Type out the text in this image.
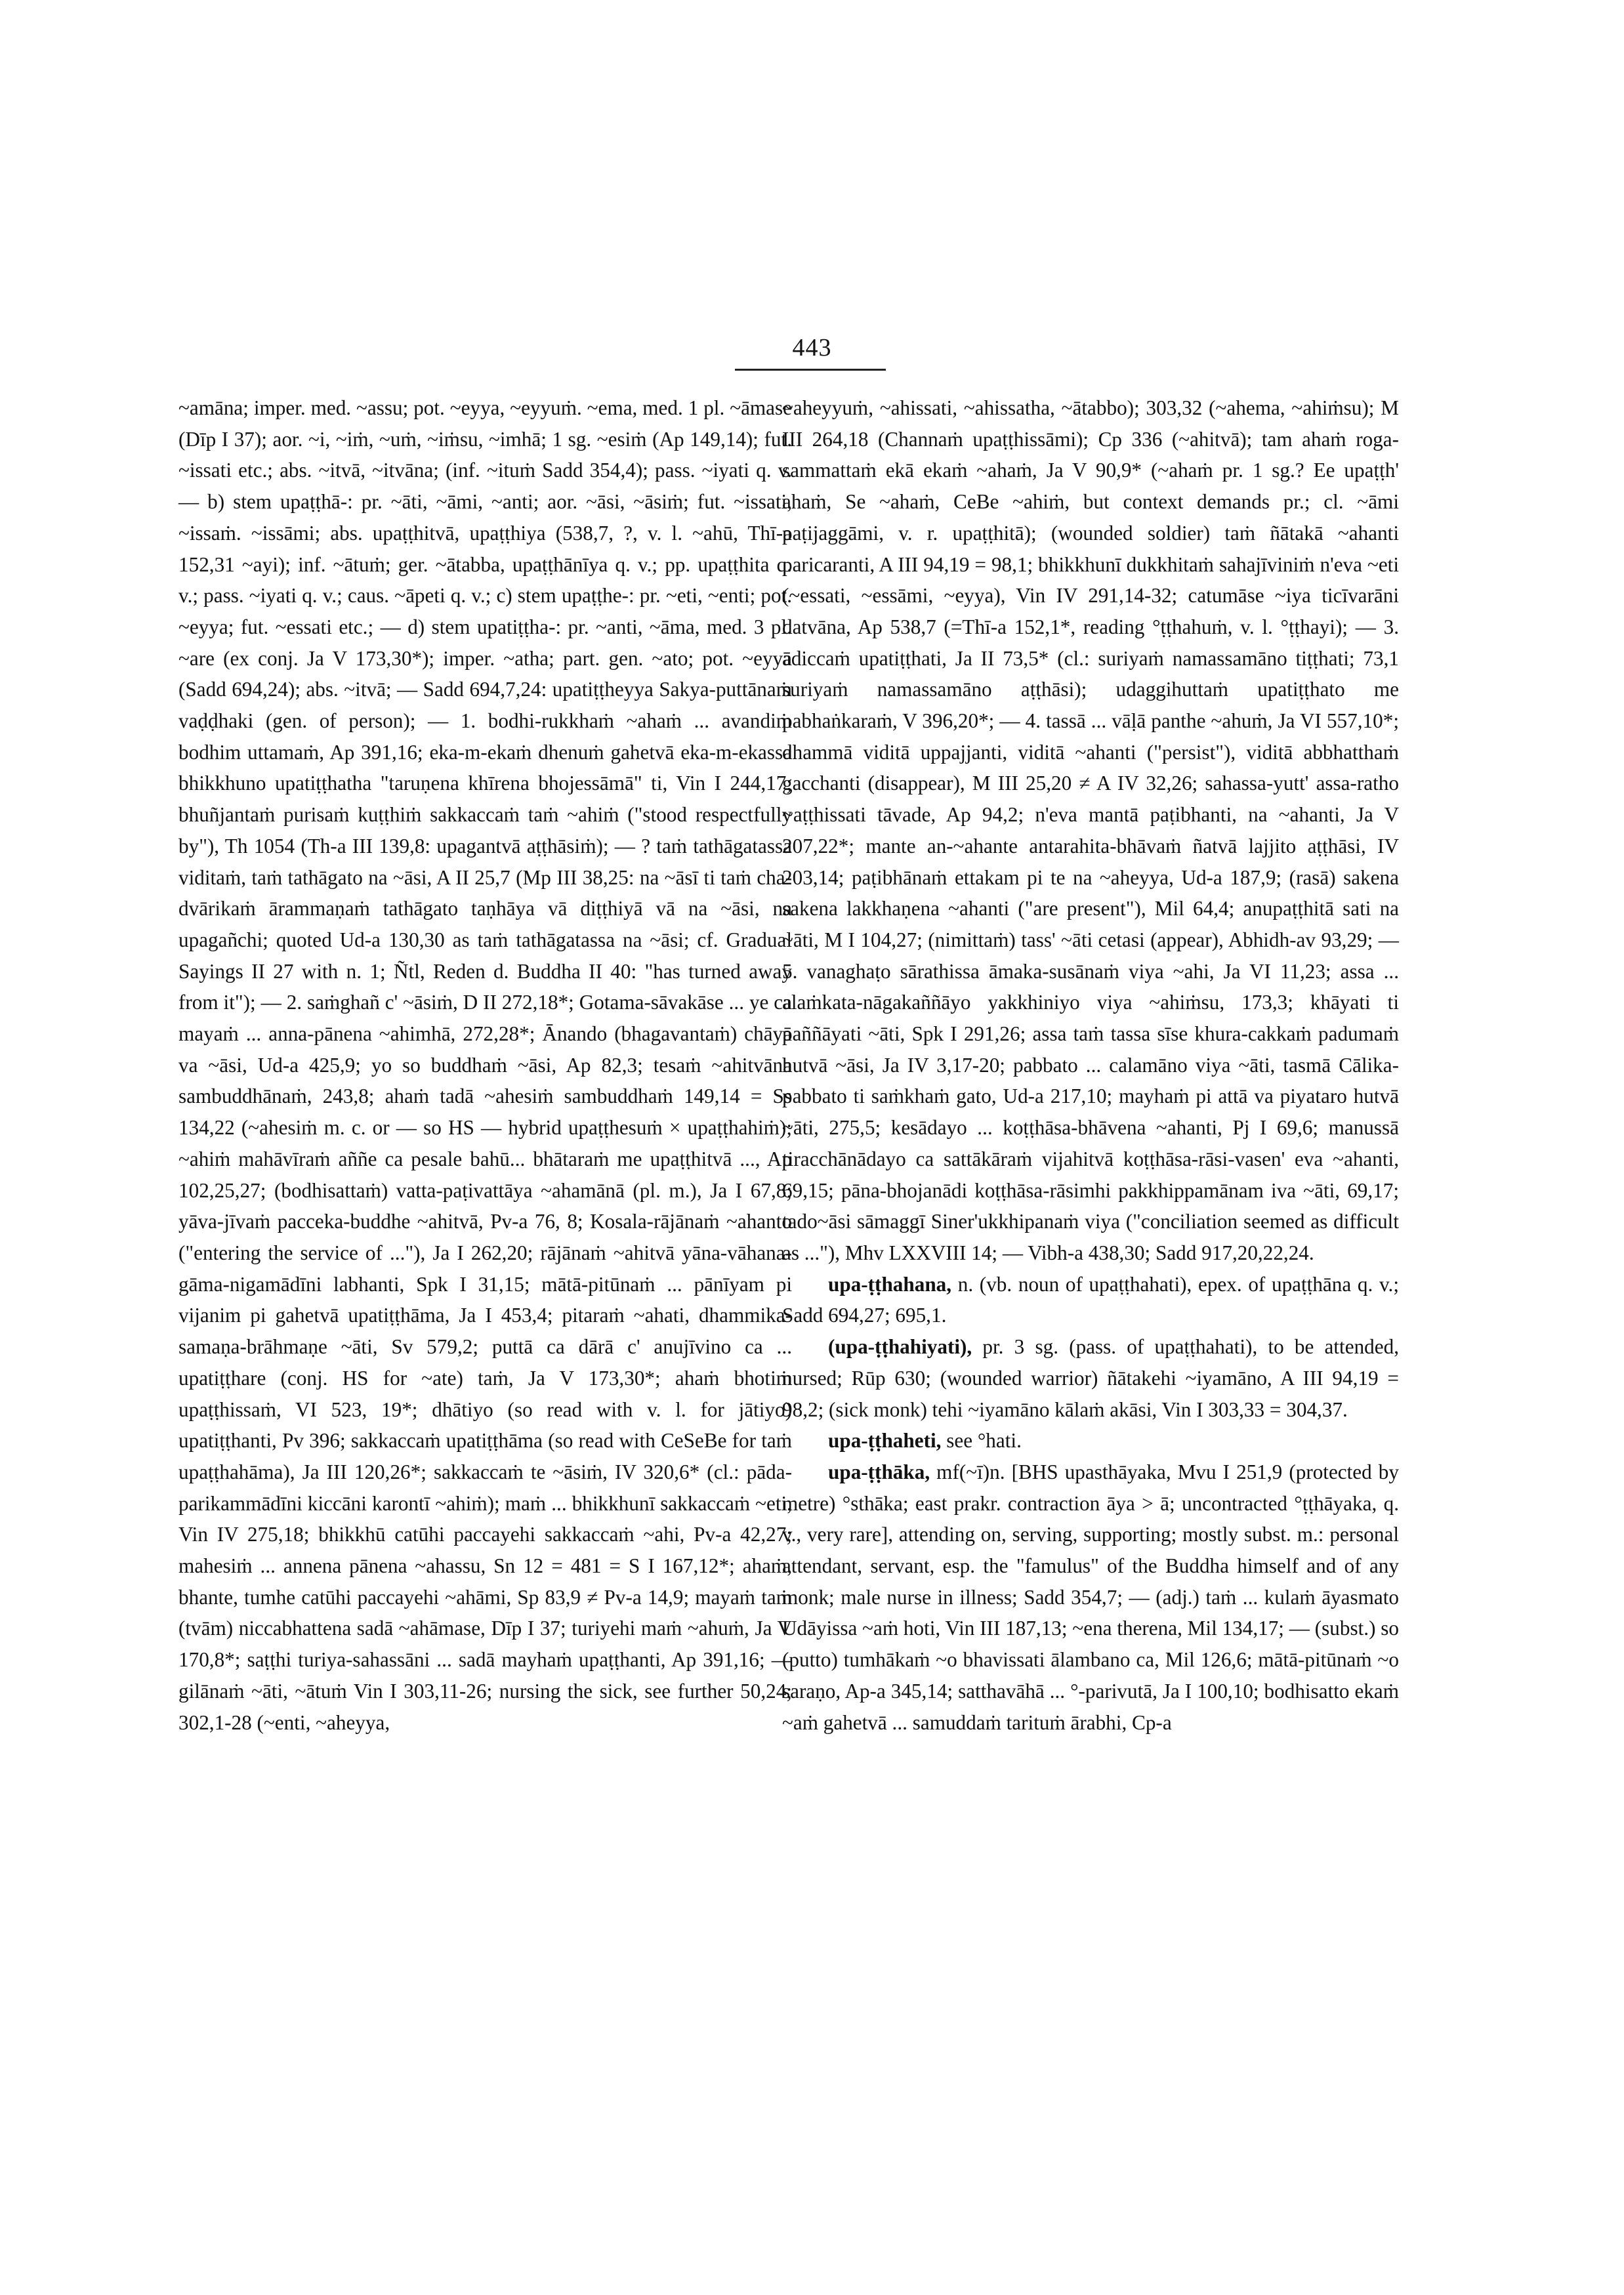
443

~amāna; imper. med. ~assu; pot. ~eyya, ~eyyuṁ. ~ema, med. 1 pl. ~āmase (Dīp I 37); aor. ~i, ~iṁ, ~uṁ, ~iṁsu, ~imhā; 1 sg. ~esiṁ (Ap 149,14); fut. ~issati etc.; abs. ~itvā, ~itvāna; (inf. ~ituṁ Sadd 354,4); pass. ~iyati q. v. — b) stem upaṭṭhā-: pr. ~āti, ~āmi, ~anti; aor. ~āsi, ~āsiṁ; fut. ~issati, ~issaṁ. ~issāmi; abs. upaṭṭhitvā, upaṭṭhiya (538,7, ?, v. l. ~ahū, Thī-a 152,31 ~ayi); inf. ~ātuṁ; ger. ~ātabba, upaṭṭhānīya q. v.; pp. upaṭṭhita q. v.; pass. ~iyati q. v.; caus. ~āpeti q. v.; c) stem upaṭṭhe-: pr. ~eti, ~enti; pot. ~eyya; fut. ~essati etc.; — d) stem upatiṭṭha-: pr. ~anti, ~āma, med. 3 pl. ~are (ex conj. Ja V 173,30*); imper. ~atha; part. gen. ~ato; pot. ~eyya (Sadd 694,24); abs. ~itvā; — Sadd 694,7,24: upatiṭṭheyya Sakya-puttānaṁ vaḍḍhaki (gen. of person); — 1. bodhi-rukkhaṁ ~ahaṁ ... avandiṁ bodhim uttamaṁ, Ap 391,16; eka-m-ekaṁ dhenuṁ gahetvā eka-m-ekassa bhikkhuno upatiṭṭhatha "taruṇena khīrena bhojessāmā" ti, Vin I 244,17; bhuñjantaṁ purisaṁ kuṭṭhiṁ sakkaccaṁ taṁ ~ahiṁ ("stood respectfully by"), Th 1054 (Th-a III 139,8: upagantvā aṭṭhāsiṁ); — ? taṁ tathāgatassa viditaṁ, taṁ tathāgato na ~āsi, A II 25,7 (Mp III 38,25: na ~āsī ti taṁ cha-dvārikaṁ ārammaṇaṁ tathāgato taṇhāya vā diṭṭhiyā vā na ~āsi, na upagañchi; quoted Ud-a 130,30 as taṁ tathāgatassa na ~āsi; cf. Gradual Sayings II 27 with n. 1; Ñtl, Reden d. Buddha II 40: "has turned away from it"); — 2. saṁghañ c' ~āsiṁ, D II 272,18*; Gotama-sāvakāse ... ye ca mayaṁ ... anna-pānena ~ahimhā, 272,28*; Ānando (bhagavantaṁ) chāyā va ~āsi, Ud-a 425,9; yo so buddhaṁ ~āsi, Ap 82,3; tesaṁ ~ahitvāna sambuddhānaṁ, 243,8; ahaṁ tadā ~ahesiṁ sambuddhaṁ 149,14 = Ss 134,22 (~ahesiṁ m. c. or — so HS — hybrid upaṭṭhesuṁ × upaṭṭhahiṁ); ~ahiṁ mahāvīraṁ aññe ca pesale bahū... bhātaraṁ me upaṭṭhitvā ..., Ap 102,25,27; (bodhisattaṁ) vatta-paṭivattāya ~ahamānā (pl. m.), Ja I 67,8; yāva-jīvaṁ pacceka-buddhe ~ahitvā, Pv-a 76, 8; Kosala-rājānaṁ ~ahanto ("entering the service of ..."), Ja I 262,20; rājānaṁ ~ahitvā yāna-vāhana-gāma-nigamādīni labhanti, Spk I 31,15; mātā-pitūnaṁ ... pānīyam pi vijanim pi gahetvā upatiṭṭhāma, Ja I 453,4; pitaraṁ ~ahati, dhammika-samaṇa-brāhmaṇe ~āti, Sv 579,2; puttā ca dārā c' anujīvino ca ... upatiṭṭhare (conj. HS for ~ate) taṁ, Ja V 173,30*; ahaṁ bhotiṁ upaṭṭhissaṁ, VI 523, 19*; dhātiyo (so read with v. l. for jātiyo) upatiṭṭhanti, Pv 396; sakkaccaṁ upatiṭṭhāma (so read with CeSeBe for taṁ upaṭṭhahāma), Ja III 120,26*; sakkaccaṁ te ~āsiṁ, IV 320,6* (cl.: pāda-parikammādīni kiccāni karontī ~ahiṁ); maṁ ... bhikkhunī sakkaccaṁ ~eti, Vin IV 275,18; bhikkhū catūhi paccayehi sakkaccaṁ ~ahi, Pv-a 42,27; mahesiṁ ... annena pānena ~ahassu, Sn 12 = 481 = S I 167,12*; ahaṁ, bhante, tumhe catūhi paccayehi ~ahāmi, Sp 83,9 ≠ Pv-a 14,9; mayaṁ taṁ (tvām) niccabhattena sadā ~ahāmase, Dīp I 37; turiyehi maṁ ~ahuṁ, Ja V 170,8*; saṭṭhi turiya-sahassāni ... sadā mayhaṁ upaṭṭhanti, Ap 391,16; — gilānaṁ ~āti, ~ātuṁ Vin I 303,11-26; nursing the sick, see further 50,24; 302,1-28 (~enti, ~aheyya,

~aheyyuṁ, ~ahissati, ~ahissatha, ~ātabbo); 303,32 (~ahema, ~ahiṁsu); M III 264,18 (Channaṁ upaṭṭhissāmi); Cp 336 (~ahitvā); tam ahaṁ roga-sammattaṁ ekā ekaṁ ~ahaṁ, Ja V 90,9* (~ahaṁ pr. 1 sg.? Ee upaṭṭh' ahaṁ, Se ~ahaṁ, CeBe ~ahiṁ, but context demands pr.; cl. ~āmi paṭijaggāmi, v. r. upaṭṭhitā); (wounded soldier) taṁ ñātakā ~ahanti paricaranti, A III 94,19 = 98,1; bhikkhunī dukkhitaṁ sahajīviniṁ n'eva ~eti (~essati, ~essāmi, ~eyya), Vin IV 291,14-32; catumāse ~iya ticīvarāni datvāna, Ap 538,7 (=Thī-a 152,1*, reading °ṭṭhahuṁ, v. l. °ṭṭhayi); — 3. ādiccaṁ upatiṭṭhati, Ja II 73,5* (cl.: suriyaṁ namassamāno tiṭṭhati; 73,1 suriyaṁ namassamāno aṭṭhāsi); udaggihuttaṁ upatiṭṭhato me pabhaṅkaraṁ, V 396,20*; — 4. tassā ... vāḷā panthe ~ahuṁ, Ja VI 557,10*; dhammā viditā uppajjanti, viditā ~ahanti ("persist"), viditā abbhatthaṁ gacchanti (disappear), M III 25,20 ≠ A IV 32,26; sahassa-yutt' assa-ratho ~aṭṭhissati tāvade, Ap 94,2; n'eva mantā paṭibhanti, na ~ahanti, Ja V 207,22*; mante an-~ahante antarahita-bhāvaṁ ñatvā lajjito aṭṭhāsi, IV 203,14; paṭibhānaṁ ettakam pi te na ~aheyya, Ud-a 187,9; (rasā) sakena sakena lakkhaṇena ~ahanti ("are present"), Mil 64,4; anupaṭṭhitā sati na ~āti, M I 104,27; (nimittaṁ) tass' ~āti cetasi (appear), Abhidh-av 93,29; — 5. vanaghaṭo sārathissa āmaka-susānaṁ viya ~ahi, Ja VI 11,23; assa ... alaṁkata-nāgakaññāyo yakkhiniyo viya ~ahiṁsu, 173,3; khāyati ti paññāyati ~āti, Spk I 291,26; assa taṁ tassa sīse khura-cakkaṁ padumaṁ hutvā ~āsi, Ja IV 3,17-20; pabbato ... calamāno viya ~āti, tasmā Cālika-pabbato ti saṁkhaṁ gato, Ud-a 217,10; mayhaṁ pi attā va piyataro hutvā ~āti, 275,5; kesādayo ... koṭṭhāsa-bhāvena ~ahanti, Pj I 69,6; manussā tiracchānādayo ca sattākāraṁ vijahitvā koṭṭhāsa-rāsi-vasen' eva ~ahanti, 69,15; pāna-bhojanādi koṭṭhāsa-rāsimhi pakkhippamānam iva ~āti, 69,17; tado~āsi sāmaggī Siner'ukkhipanaṁ viya ("conciliation seemed as difficult as ..."), Mhv LXXVIII 14; — Vibh-a 438,30; Sadd 917,20,22,24.

upa-ṭṭhahana, n. (vb. noun of upaṭṭhahati), epex. of upaṭṭhāna q. v.; Sadd 694,27; 695,1.

(upa-ṭṭhahiyati), pr. 3 sg. (pass. of upaṭṭhahati), to be attended, nursed; Rūp 630; (wounded warrior) ñātakehi ~iyamāno, A III 94,19 = 98,2; (sick monk) tehi ~iyamāno kālaṁ akāsi, Vin I 303,33 = 304,37.

upa-ṭṭhaheti, see °hati.

upa-ṭṭhāka, mf(~ī)n. [BHS upasthāyaka, Mvu I 251,9 (protected by metre) °sthāka; east prakr. contraction āya > ā; uncontracted °ṭṭhāyaka, q. v., very rare], attending on, serving, supporting; mostly subst. m.: personal attendant, servant, esp. the "famulus" of the Buddha himself and of any monk; male nurse in illness; Sadd 354,7; — (adj.) taṁ ... kulaṁ āyasmato Udāyissa ~aṁ hoti, Vin III 187,13; ~ena therena, Mil 134,17; — (subst.) so (putto) tumhākaṁ ~o bhavissati ālambano ca, Mil 126,6; mātā-pitūnaṁ ~o saraṇo, Ap-a 345,14; satthavāhā ... °-parivutā, Ja I 100,10; bodhisatto ekaṁ ~aṁ gahetvā ... samuddaṁ tarituṁ ārabhi, Cp-a
